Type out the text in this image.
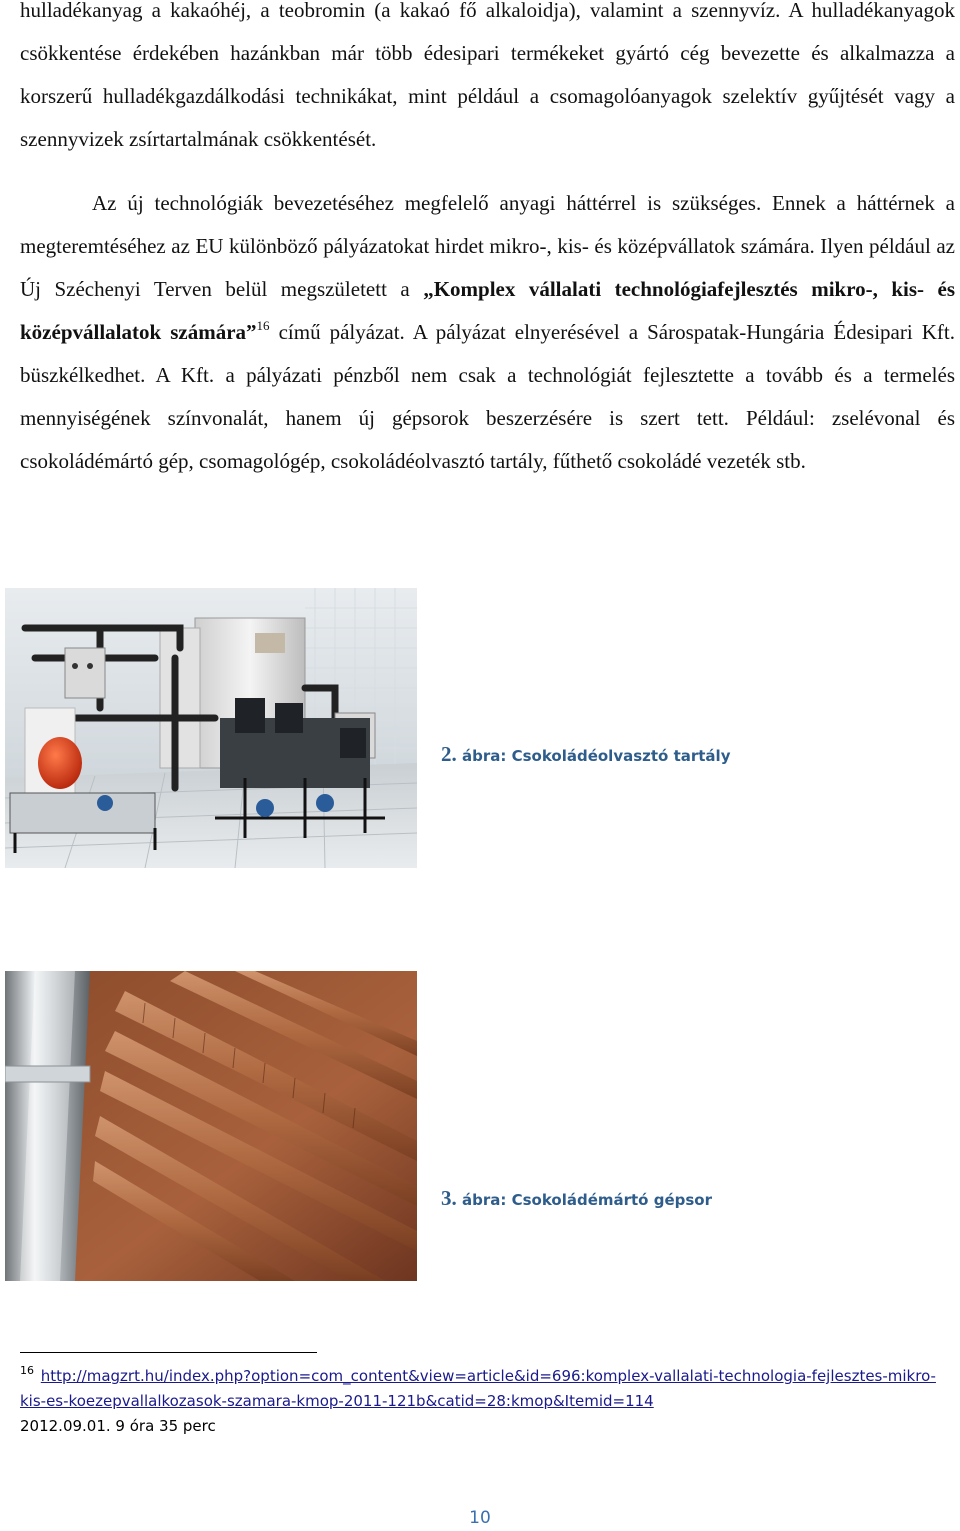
hulladékanyag a kakaóhéj, a teobromin (a kakaó fő alkaloidja), valamint a szennyvíz. A hulladékanyagok csökkentése érdekében hazánkban már több édesipari termékeket gyártó cég bevezette és alkalmazza a korszerű hulladékgazdálkodási technikákat, mint például a csomagolóanyagok szelektív gyűjtését vagy a szennyvizek zsírtartalmának csökkentését.

Az új technológiák bevezetéséhez megfelelő anyagi háttérrel is szükséges. Ennek a háttérnek a megteremtéséhez az EU különböző pályázatokat hirdet mikro-, kis- és középvállatok számára. Ilyen például az Új Széchenyi Terven belül megszületett a „Komplex vállalati technológiafejlesztés mikro-, kis- és középvállalatok számára”$^{16}$ című pályázat. A pályázat elnyerésével a Sárospatak-Hungária Édesipari Kft. büszkélkedhet. A Kft. a pályázati pénzből nem csak a technológiát fejlesztette a tovább és a termelés mennyiségének színvonalát, hanem új gépsorok beszerzésére is szert tett. Például: zselévonal és csokoládémártó gép, csomagológép, csokoládéolvasztó tartály, fűthető csokoládé vezeték stb.

2. ábra: Csokoládéolvasztó tartály
3. ábra: Csokoládémártó gépsor
$^{16}$ http://magzrt.hu/index.php?option=com_content&view=article&id=696:komplex-vallalati-technologia-fejlesztes-mikro-kis-es-koezepvallalkozasok-szamara-kmop-2011-121b&catid=28:kmop&Itemid=114
2012.09.01. 9 óra 35 perc
10
